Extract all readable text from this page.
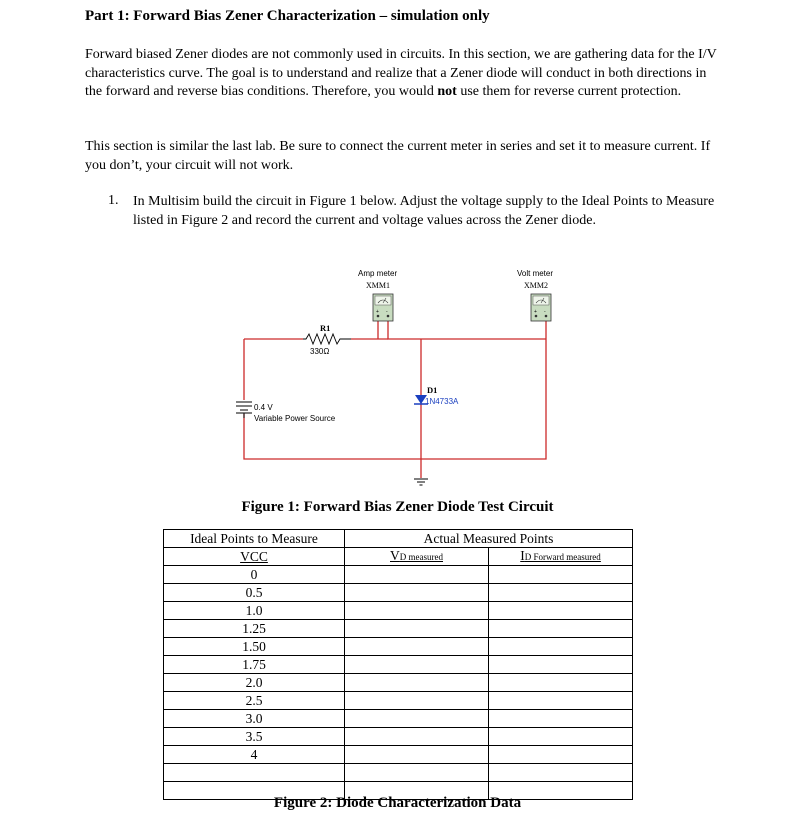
Part 1: Forward Bias Zener Characterization – simulation only

Forward biased Zener diodes are not commonly used in circuits. In this section, we are gathering data for the I/V characteristics curve. The goal is to understand and realize that a Zener diode will conduct in both directions in the forward and reverse bias conditions. Therefore, you would not use them for reverse current protection.

This section is similar the last lab. Be sure to connect the current meter in series and set it to measure current. If you don’t, your circuit will not work.

1. In Multisim build the circuit in Figure 1 below. Adjust the voltage supply to the Ideal Points to Measure listed in Figure 2 and record the current and voltage values across the Zener diode.
R1
330Ω
0.4 V
Variable Power Source
D1
1N4733A
Amp meter
XMM1
+ -
Volt meter
XMM2
+ -
Figure 1: Forward Bias Zener Diode Test Circuit
Ideal Points to Measure	Actual Measured Points	
VCC	VD measured	ID Forward measured
0		
0.5		
1.0		
1.25		
1.50		
1.75		
2.0		
2.5		
3.0		
3.5		
4		

Figure 2: Diode Characterization Data
